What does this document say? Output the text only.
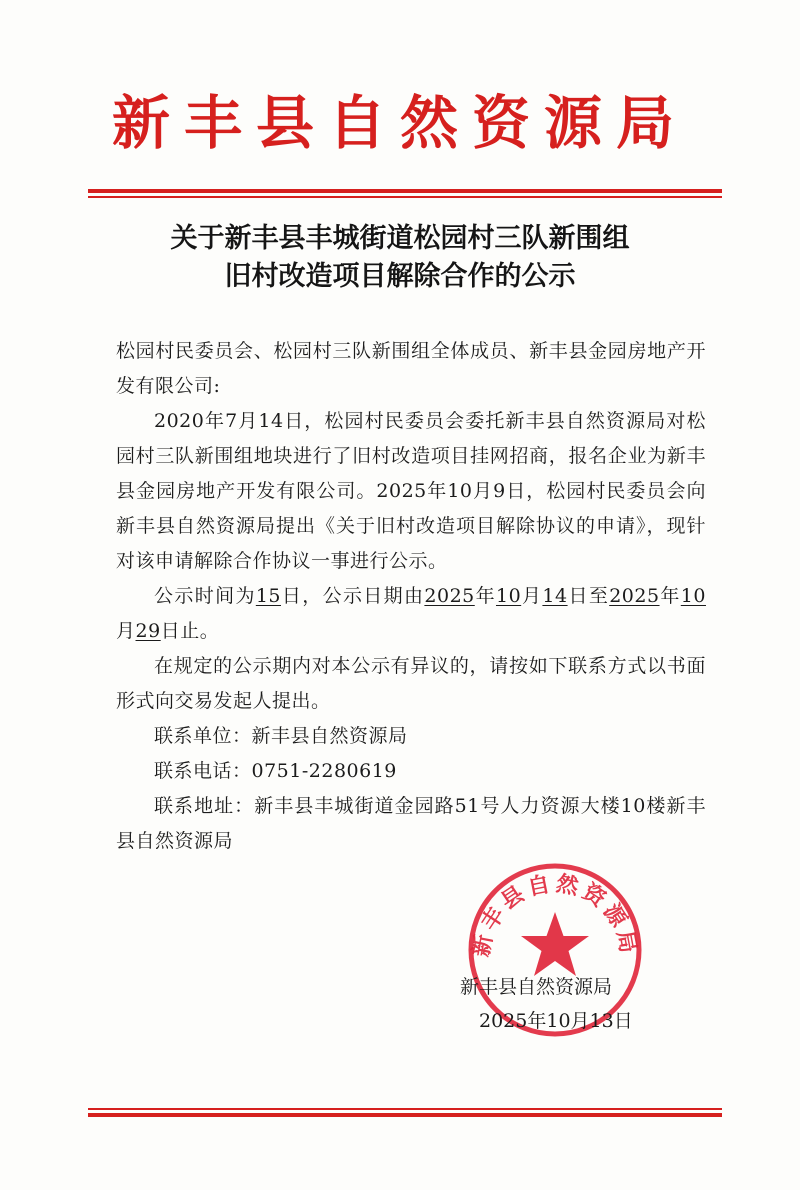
新丰县自然资源局
关于新丰县丰城街道松园村三队新围组
旧村改造项目解除合作的公示

松园村民委员会、松园村三队新围组全体成员、新丰县金园房地产开发有限公司:

2020年7月14日，松园村民委员会委托新丰县自然资源局对松园村三队新围组地块进行了旧村改造项目挂网招商，报名企业为新丰县金园房地产开发有限公司。2025年10月9日，松园村民委员会向新丰县自然资源局提出《关于旧村改造项目解除协议的申请》，现针对该申请解除合作协议一事进行公示。

公示时间为15日，公示日期由2025年10月14日至2025年10月29日止。

在规定的公示期内对本公示有异议的，请按如下联系方式以书面形式向交易发起人提出。

联系单位：新丰县自然资源局

联系电话：0751-2280619

联系地址：新丰县丰城街道金园路51号人力资源大楼10楼新丰县自然资源局

新丰县自然资源局
新丰县自然资源局
2025年10月13日
